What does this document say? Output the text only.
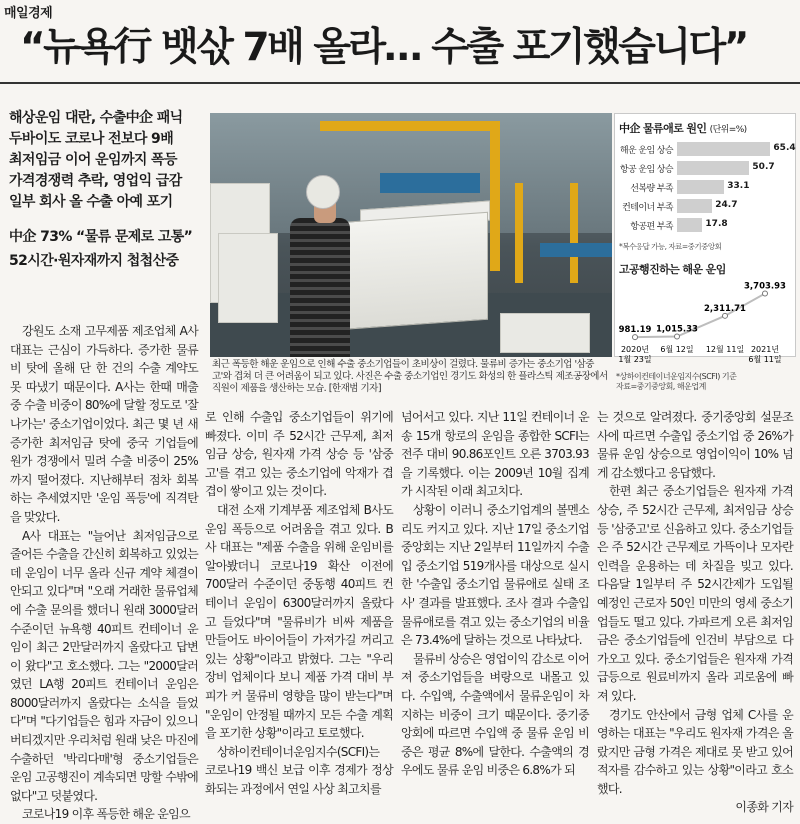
매일경제
“뉴욕行 뱃삯 7배 올라… 수출 포기했습니다”
해상운임 대란, 수출中企 패닉
두바이도 코로나 전보다 9배
최저임금 이어 운임까지 폭등
가격경쟁력 추락, 영업익 급감
일부 회사 올 수출 아예 포기
中企 73% “물류 문제로 고통”
52시간·원자재까지 첩첩산중
中企 물류애로 원인 (단위=%)
해운 운임 상승	65.4
항공 운임 상승	50.7
선복량 부족	33.1
컨테이너 부족	24.7
항공편 부족	17.8
*복수응답 가능, 자료=중기중앙회
고공행진하는 해운 운임
981.19
2020년
1월 23일
1,015.33
6월 12일
2,311.71
12월 11일
3,703.93
2021년
6월 11일
최근 폭등한 해운 운임으로 인해 수출 중소기업들이 초비상이 걸렸다. 물류비 증가는 중소기업 '삼중고'와 겹쳐 더 큰 어려움이 되고 있다. 사진은 수출 중소기업인 경기도 화성의 한 플라스틱 제조공장에서 직원이 제품을 생산하는 모습. [한재범 기자]
*상하이컨테이너운임지수(SCFI) 기준
자료=중기중앙회, 해운업계

강원도 소재 고무제품 제조업체 A사 대표는 근심이 가득하다. 증가한 물류비 탓에 올해 단 한 건의 수출 계약도 못 따냈기 때문이다. A사는 한때 매출 중 수출 비중이 80%에 달할 정도로 '잘나가는' 중소기업이었다. 최근 몇 년 새 증가한 최저임금 탓에 중국 기업들에 원가 경쟁에서 밀려 수출 비중이 25%까지 떨어졌다. 지난해부터 점차 회복하는 추세였지만 '운임 폭등'에 직격탄을 맞았다.

A사 대표는 "늘어난 최저임금으로 줄어든 수출을 간신히 회복하고 있었는데 운임이 너무 올라 신규 계약 체결이 안되고 있다"며 "오래 거래한 물류업체에 수출 문의를 했더니 원래 3000달러 수준이던 뉴욕행 40피트 컨테이너 운임이 최근 2만달러까지 올랐다고 답변이 왔다"고 호소했다. 그는 "2000달러였던 LA행 20피트 컨테이너 운임은 8000달러까지 올랐다는 소식을 들었다"며 "다기업들은 힘과 자금이 있으니 버티겠지만 우리처럼 원래 낮은 마진에 수출하던 '박리다매'형 중소기업들은 운임 고공행진이 계속되면 망할 수밖에 없다"고 덧붙였다.

코로나19 이후 폭등한 해운 운임으

로 인해 수출입 중소기업들이 위기에 빠졌다. 이미 주 52시간 근무제, 최저임금 상승, 원자재 가격 상승 등 '삼중고'를 겪고 있는 중소기업에 악재가 겹겹이 쌓이고 있는 것이다.

대전 소재 기계부품 제조업체 B사도 운임 폭등으로 어려움을 겪고 있다. B사 대표는 "제품 수출을 위해 운임비를 알아봤더니 코로나19 확산 이전에 700달러 수준이던 중동행 40피트 컨테이너 운임이 6300달러까지 올랐다고 들었다"며 "물류비가 비싸 제품을 만들어도 바이어들이 가져가길 꺼리고 있는 상황"이라고 밝혔다. 그는 "우리 장비 업체이다 보니 제품 가격 대비 부피가 커 물류비 영향을 많이 받는다"며 "운임이 안정될 때까지 모든 수출 계획을 포기한 상황"이라고 토로했다.

상하이컨테이너운임지수(SCFI)는 코로나19 백신 보급 이후 경제가 정상화되는 과정에서 연일 사상 최고치를

넘어서고 있다. 지난 11일 컨테이너 운송 15개 항로의 운임을 종합한 SCFI는 전주 대비 90.86포인트 오른 3703.93을 기록했다. 이는 2009년 10월 집계가 시작된 이래 최고치다.

상황이 이러니 중소기업계의 볼멘소리도 커지고 있다. 지난 17일 중소기업중앙회는 지난 2일부터 11일까지 수출입 중소기업 519개사를 대상으로 실시한 '수출입 중소기업 물류애로 실태 조사' 결과를 발표했다. 조사 결과 수출입 물류애로를 겪고 있는 중소기업의 비율은 73.4%에 달하는 것으로 나타났다.

물류비 상승은 영업이익 감소로 이어져 중소기업들을 벼랑으로 내몰고 있다. 수입액, 수출액에서 물류운임이 차지하는 비중이 크기 때문이다. 중기중앙회에 따르면 수입액 중 물류 운임 비중은 평균 8%에 달한다. 수출액의 경우에도 물류 운임 비중은 6.8%가 되

는 것으로 알려졌다. 중기중앙회 설문조사에 따르면 수출입 중소기업 중 26%가 물류 운임 상승으로 영업이익이 10% 넘게 감소했다고 응답했다.

한편 최근 중소기업들은 원자재 가격 상승, 주 52시간 근무제, 최저임금 상승 등 '삼중고'로 신음하고 있다. 중소기업들은 주 52시간 근무제로 가뜩이나 모자란 인력을 운용하는 데 차질을 빚고 있다. 다음달 1일부터 주 52시간제가 도입될 예정인 근로자 50인 미만의 영세 중소기업들도 떨고 있다. 가파르게 오른 최저임금은 중소기업들에 인건비 부담으로 다가오고 있다. 중소기업들은 원자재 가격 급등으로 원료비까지 올라 괴로움에 빠져 있다.

경기도 안산에서 금형 업체 C사를 운영하는 대표는 "우리도 원자재 가격은 올랐지만 금형 가격은 제대로 못 받고 있어 적자를 감수하고 있는 상황"이라고 호소했다.

이종화 기자
